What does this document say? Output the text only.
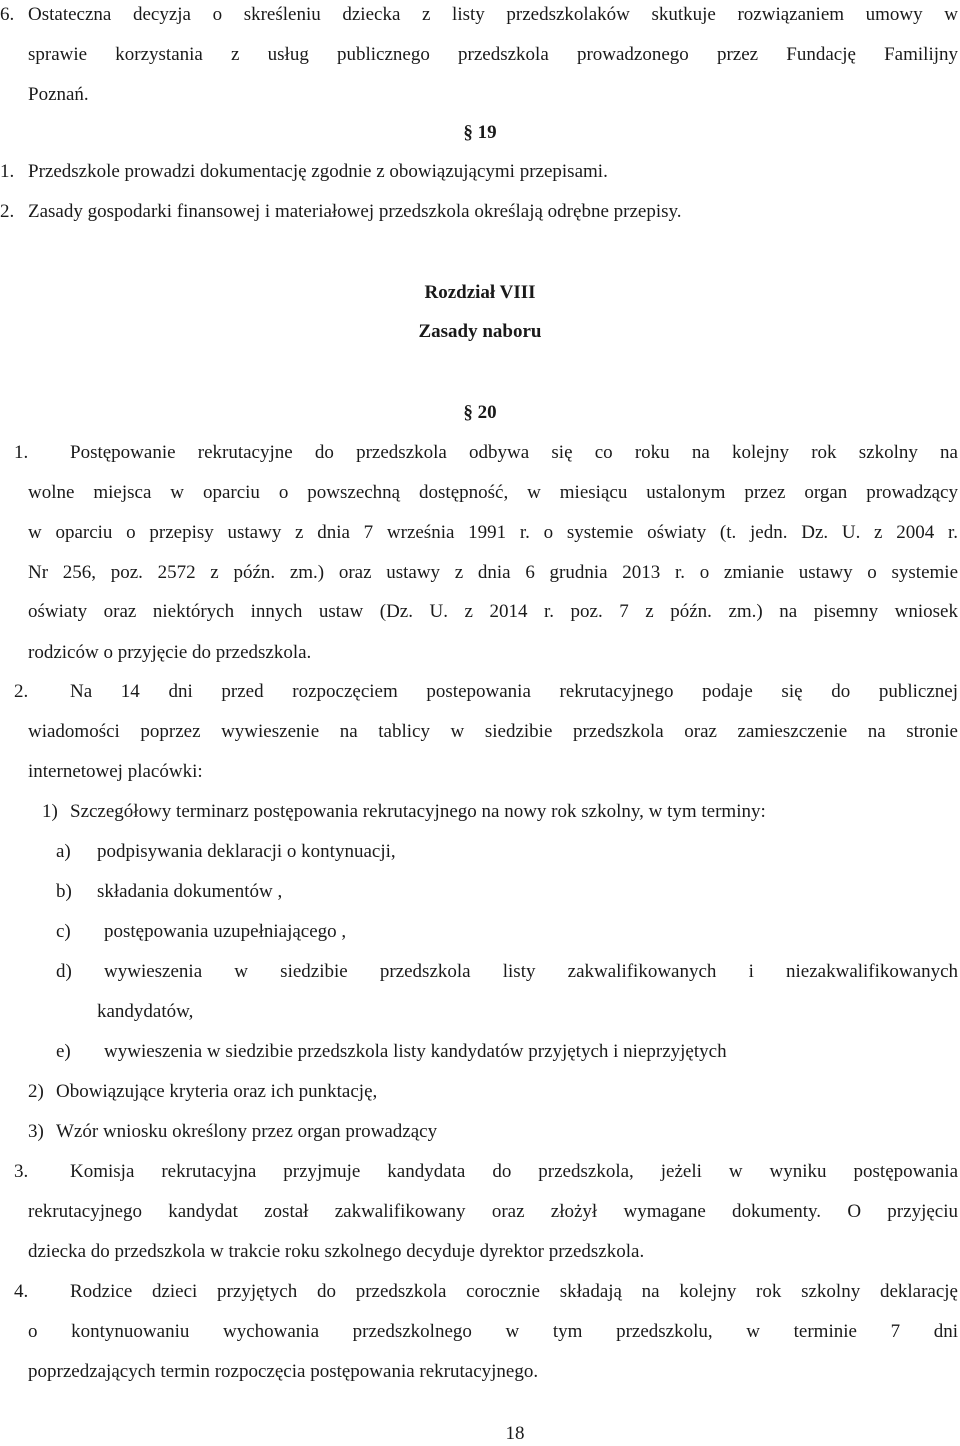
6. Ostateczna decyzja o skreśleniu dziecka z listy przedszkolaków skutkuje rozwiązaniem umowy w
sprawie korzystania z usług publicznego przedszkola prowadzonego przez Fundację Familijny
Poznań.
§ 19
1. Przedszkole prowadzi dokumentację zgodnie z obowiązującymi przepisami.
2. Zasady gospodarki finansowej i materiałowej przedszkola określają odrębne przepisy.
Rozdział VIII
Zasady naboru
§ 20
1. Postępowanie rekrutacyjne do przedszkola odbywa się co roku na kolejny rok szkolny na
wolne miejsca w oparciu o powszechną dostępność, w miesiącu ustalonym przez organ prowadzący
w oparciu o przepisy ustawy z dnia 7 września 1991 r. o systemie oświaty (t. jedn. Dz. U. z 2004 r.
Nr 256, poz. 2572 z późn. zm.) oraz ustawy z dnia 6 grudnia 2013 r. o zmianie ustawy o systemie
oświaty oraz niektórych innych ustaw (Dz. U. z 2014 r. poz. 7 z późn. zm.) na pisemny wniosek
rodziców o przyjęcie do przedszkola.
2. Na 14 dni przed rozpoczęciem postepowania rekrutacyjnego podaje się do publicznej
wiadomości poprzez wywieszenie na tablicy w siedzibie przedszkola oraz zamieszczenie na stronie
internetowej placówki:
1) Szczegółowy terminarz postępowania rekrutacyjnego na nowy rok szkolny, w tym terminy:
a) podpisywania deklaracji o kontynuacji,
b) składania dokumentów ,
c) postępowania uzupełniającego ,
d) wywieszenia w siedzibie przedszkola listy zakwalifikowanych i niezakwalifikowanych
kandydatów,
e) wywieszenia w siedzibie przedszkola listy kandydatów przyjętych i nieprzyjętych
2) Obowiązujące kryteria oraz ich punktację,
3) Wzór wniosku określony przez organ prowadzący
3. Komisja rekrutacyjna przyjmuje kandydata do przedszkola, jeżeli w wyniku postępowania
rekrutacyjnego kandydat został zakwalifikowany oraz złożył wymagane dokumenty. O przyjęciu
dziecka do przedszkola w trakcie roku szkolnego decyduje dyrektor przedszkola.
4. Rodzice dzieci przyjętych do przedszkola corocznie składają na kolejny rok szkolny deklarację
o kontynuowaniu wychowania przedszkolnego w tym przedszkolu, w terminie 7 dni
poprzedzających termin rozpoczęcia postępowania rekrutacyjnego.
18
